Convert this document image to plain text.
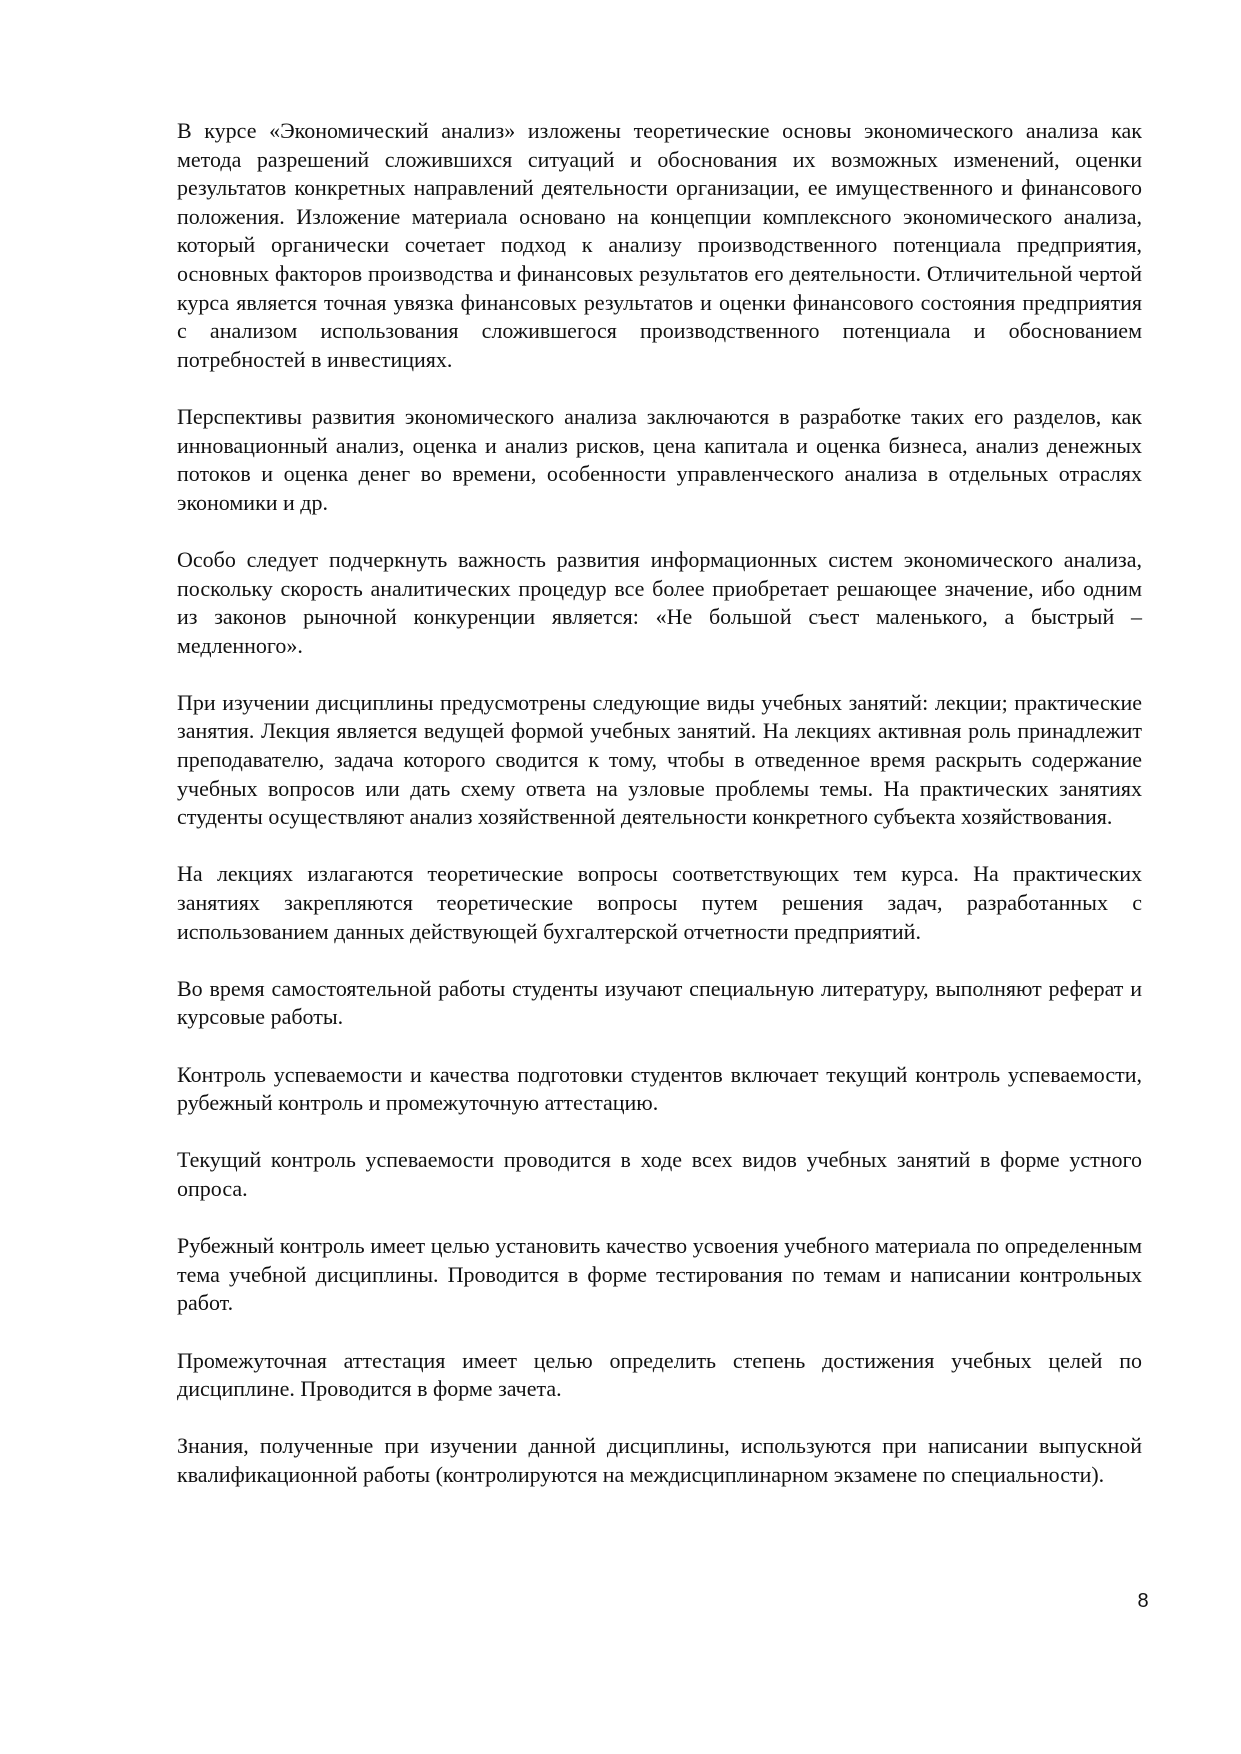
В курсе «Экономический анализ» изложены теоретические основы экономического анализа как метода разрешений сложившихся ситуаций и обоснования их возможных изменений, оценки результатов конкретных направлений деятельности организации, ее имущественного и финансового положения. Изложение материала основано на концепции комплексного экономического анализа, который органически сочетает подход к анализу производственного потенциала предприятия, основных факторов производства и финансовых результатов его деятельности. Отличительной чертой курса является точная увязка финансовых результатов и оценки финансового состояния предприятия с анализом использования сложившегося производственного потенциала и обоснованием потребностей в инвестициях.

Перспективы развития экономического анализа заключаются в разработке таких его разделов, как инновационный анализ, оценка и анализ рисков, цена капитала и оценка бизнеса, анализ денежных потоков и оценка денег во времени, особенности управленческого анализа в отдельных отраслях экономики и др.

Особо следует подчеркнуть важность развития информационных систем экономического анализа, поскольку скорость аналитических процедур все более приобретает решающее значение, ибо одним из законов рыночной конкуренции является: «Не большой съест маленького, а быстрый – медленного».

При изучении дисциплины предусмотрены следующие виды учебных занятий: лекции; практические занятия. Лекция является ведущей формой учебных занятий. На лекциях активная роль принадлежит преподавателю, задача которого сводится к тому, чтобы в отведенное время раскрыть содержание учебных вопросов или дать схему ответа на узловые проблемы темы. На практических занятиях студенты осуществляют анализ хозяйственной деятельности конкретного субъекта хозяйствования.

На лекциях излагаются теоретические вопросы соответствующих тем курса. На практических занятиях закрепляются теоретические вопросы путем решения задач, разработанных с использованием данных действующей бухгалтерской отчетности предприятий.

Во время самостоятельной работы студенты изучают специальную литературу, выполняют реферат и курсовые работы.

Контроль успеваемости и качества подготовки студентов включает текущий контроль успеваемости, рубежный контроль и промежуточную аттестацию.

Текущий контроль успеваемости проводится в ходе всех видов учебных занятий в форме устного опроса.

Рубежный контроль имеет целью установить качество усвоения учебного материала по определенным тема учебной дисциплины. Проводится в форме тестирования по темам и написании контрольных работ.

Промежуточная аттестация имеет целью определить степень достижения учебных целей по дисциплине. Проводится в форме зачета.

Знания, полученные при изучении данной дисциплины, используются при написании выпускной квалификационной работы (контролируются на междисциплинарном экзамене по специальности).

8
